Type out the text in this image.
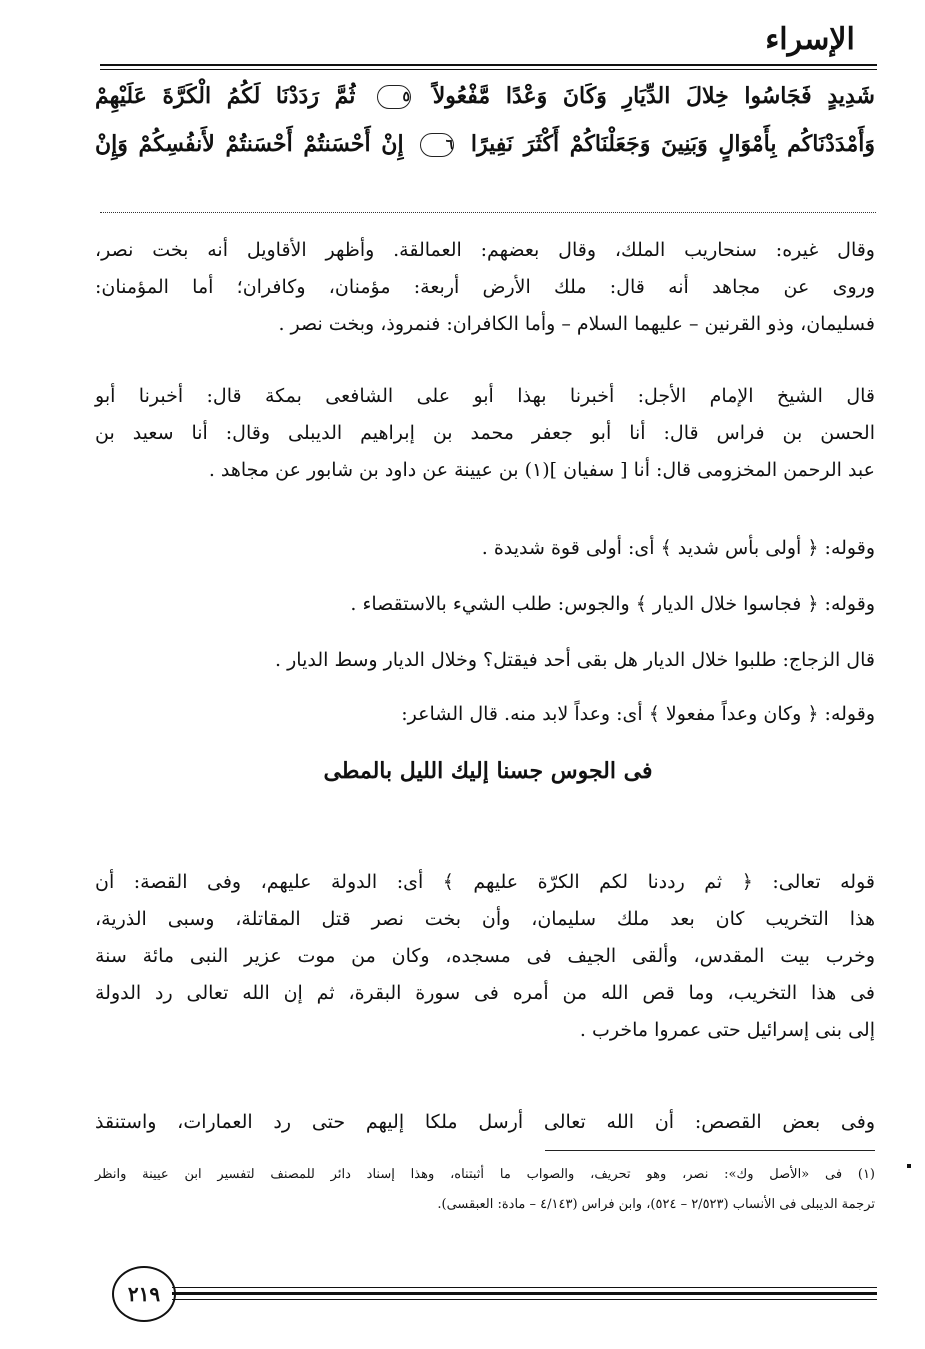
الإسراء
شَدِيدٍ فَجَاسُوا خِلالَ الدِّيَارِ وَكَانَ وَعْدًا مَّفْعُولاً ٥ ثُمَّ رَدَدْنَا لَكُمُ الْكَرَّةَ عَلَيْهِمْ
وَأَمْدَدْنَاكُم بِأَمْوَالٍ وَبَنِينَ وَجَعَلْنَاكُمْ أَكْثَرَ نَفِيرًا ٦ إِنْ أَحْسَنتُمْ أَحْسَنتُمْ لأَنفُسِكُمْ وَإِنْ
وقال غيره: سنحاريب الملك، وقال بعضهم: العمالقة. وأظهر الأقاويل أنه بخت نصر،
وروى عن مجاهد أنه قال: ملك الأرض أربعة: مؤمنان، وكافران؛ أما المؤمنان:
فسليمان، وذو القرنين – عليهما السلام – وأما الكافران: فنمروذ، وبخت نصر .
قال الشيخ الإمام الأجل: أخبرنا بهذا أبو على الشافعى بمكة قال: أخبرنا أبو
الحسن بن فراس قال: أنا أبو جعفر محمد بن إبراهيم الديبلى وقال: أنا سعيد بن
عبد الرحمن المخزومى قال: أنا [ سفيان ](١) بن عيينة عن داود بن شابور عن مجاهد .
وقوله: ﴿ أولى بأس شديد ﴾ أى: أولى قوة شديدة .
وقوله: ﴿ فجاسوا خلال الديار ﴾ والجوس: طلب الشيء بالاستقصاء .
قال الزجاج: طلبوا خلال الديار هل بقى أحد فيقتل؟ وخلال الديار وسط الديار .
وقوله: ﴿ وكان وعداً مفعولا ﴾ أى: وعداً لابد منه. قال الشاعر:
فى الجوس جسنا إليك الليل بالمطى
قوله تعالى: ﴿ ثم رددنا لكم الكرّة عليهم ﴾ أى: الدولة عليهم، وفى القصة: أن
هذا التخريب كان بعد ملك سليمان، وأن بخت نصر قتل المقاتلة، وسبى الذرية،
وخرب بيت المقدس، وألقى الجيف فى مسجده، وكان من موت عزير النبى مائة سنة
فى هذا التخريب، وما قص الله من أمره فى سورة البقرة، ثم إن الله تعالى رد الدولة
إلى بنى إسرائيل حتى عمروا ماخرب .
وفى بعض القصص: أن الله تعالى أرسل ملكا إليهم حتى رد العمارات، واستنقذ
(١) فى «الأصل وك»: نصر، وهو تحريف، والصواب ما أثبتناه، وهذا إسناد دائر للمصنف لتفسير ابن عيينة وانظر
ترجمة الديبلى فى الأنساب (٢/٥٢٣ – ٥٢٤)، وابن فراس (٤/١٤٣ – مادة: العبقسى).
٢١٩
